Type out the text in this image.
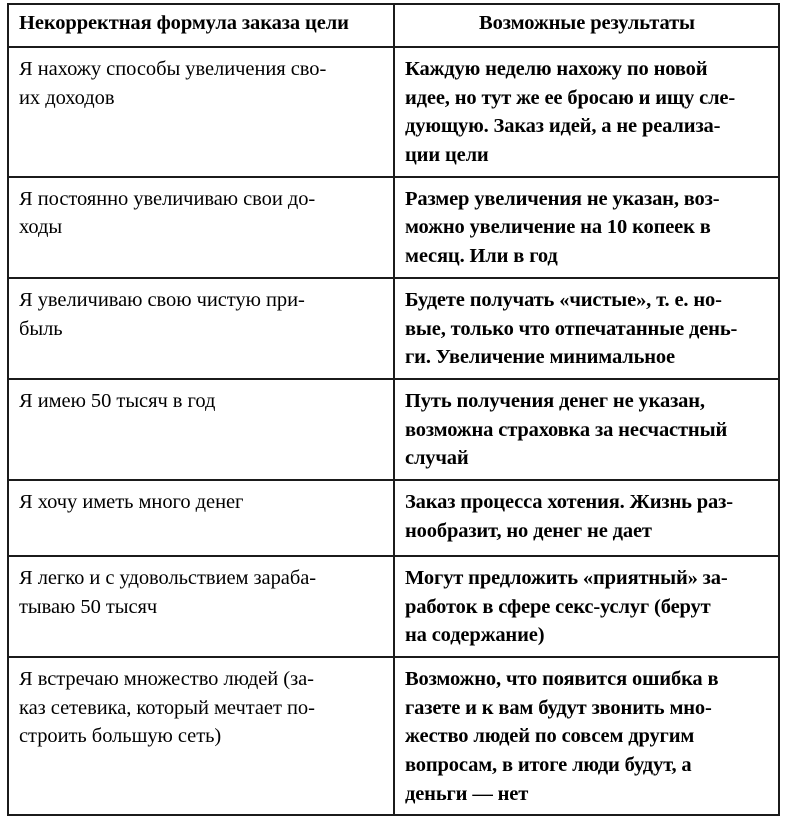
Некорректная формула заказа цели	Возможные результаты

Я нахожу способы увеличения сво-
их доходов	Каждую неделю нахожу по новой
идее, но тут же ее бросаю и ищу сле-
дующую. Заказ идей, а не реализа-
ции цели

Я постоянно увеличиваю свои до-
ходы	Размер увеличения не указан, воз-
можно увеличение на 10 копеек в
месяц. Или в год

Я увеличиваю свою чистую при-
быль	Будете получать «чистые», т. е. но-
вые, только что отпечатанные день-
ги. Увеличение минимальное

Я имею 50 тысяч в год	Путь получения денег не указан,
возможна страховка за несчастный
случай

Я хочу иметь много денег	Заказ процесса хотения. Жизнь раз-
нообразит, но денег не дает

Я легко и с удовольствием зараба-
тываю 50 тысяч	Могут предложить «приятный» за-
работок в сфере секс-услуг (берут
на содержание)

Я встречаю множество людей (за-
каз сетевика, который мечтает по-
строить большую сеть)	Возможно, что появится ошибка в
газете и к вам будут звонить мно-
жество людей по совсем другим
вопросам, в итоге люди будут, а
деньги — нет
